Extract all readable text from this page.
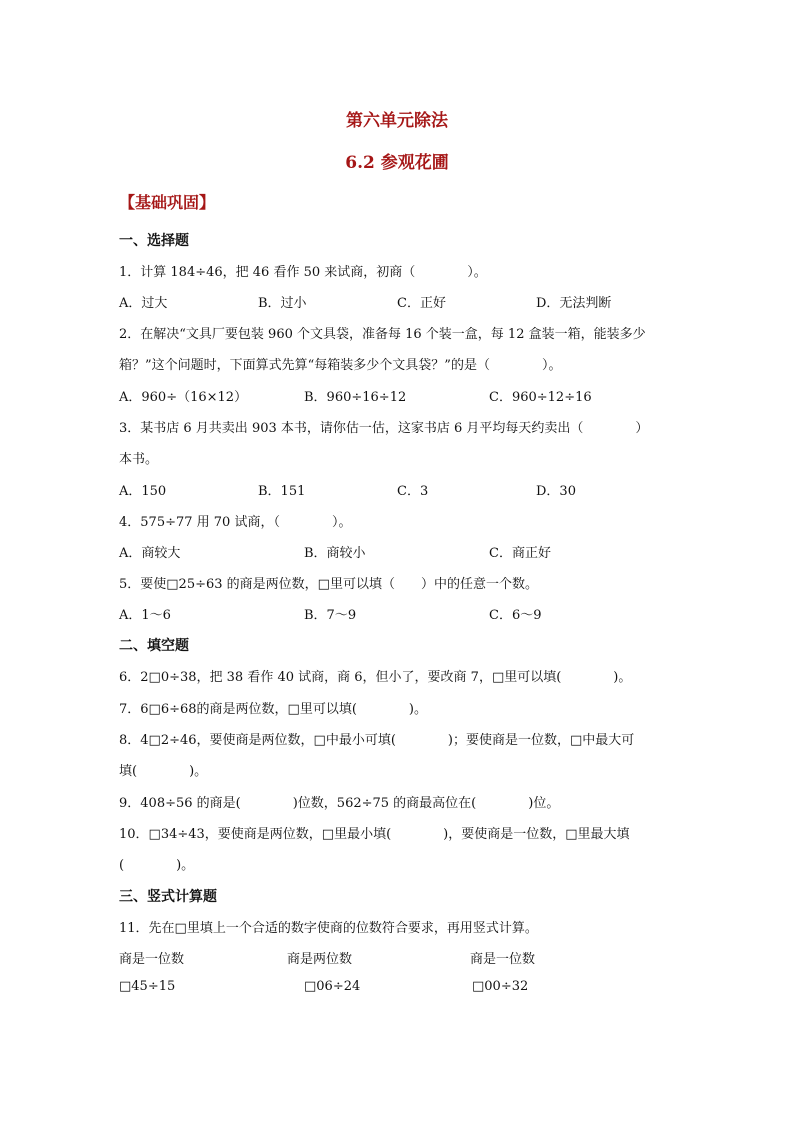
第六单元除法
6.2 参观花圃
【基础巩固】
一、选择题
1．计算 184÷46，把 46 看作 50 来试商，初商（　　　　）。
A．过大	B．过小	C．正好	D．无法判断
2．在解决“文具厂要包装 960 个文具袋，准备每 16 个装一盒，每 12 盒装一箱，能装多少
箱？”这个问题时，下面算式先算“每箱装多少个文具袋？”的是（　　　　）。
A．960÷（16×12）	B．960÷16÷12	C．960÷12÷16
3．某书店 6 月共卖出 903 本书，请你估一估，这家书店 6 月平均每天约卖出（　　　　）
本书。
A．150	B．151	C．3	D．30
4．575÷77 用 70 试商，（　　　　）。
A．商较大	B．商较小	C．商正好
5．要使□25÷63 的商是两位数，□里可以填（　　）中的任意一个数。
A．1～6	B．7～9	C．6～9
二、填空题
6．2□0÷38，把 38 看作 40 试商，商 6，但小了，要改商 7，□里可以填(　　　　)。
7．6□6÷68的商是两位数，□里可以填(　　　　)。
8．4□2÷46，要使商是两位数，□中最小可填(　　　　)；要使商是一位数，□中最大可
填(　　　　)。
9．408÷56 的商是(　　　　)位数，562÷75 的商最高位在(　　　　)位。
10．□34÷43，要使商是两位数，□里最小填(　　　　)，要使商是一位数，□里最大填
(　　　　)。
三、竖式计算题
11．先在□里填上一个合适的数字使商的位数符合要求，再用竖式计算。
商是一位数	商是两位数	商是一位数
□45÷15	□06÷24	□00÷32
